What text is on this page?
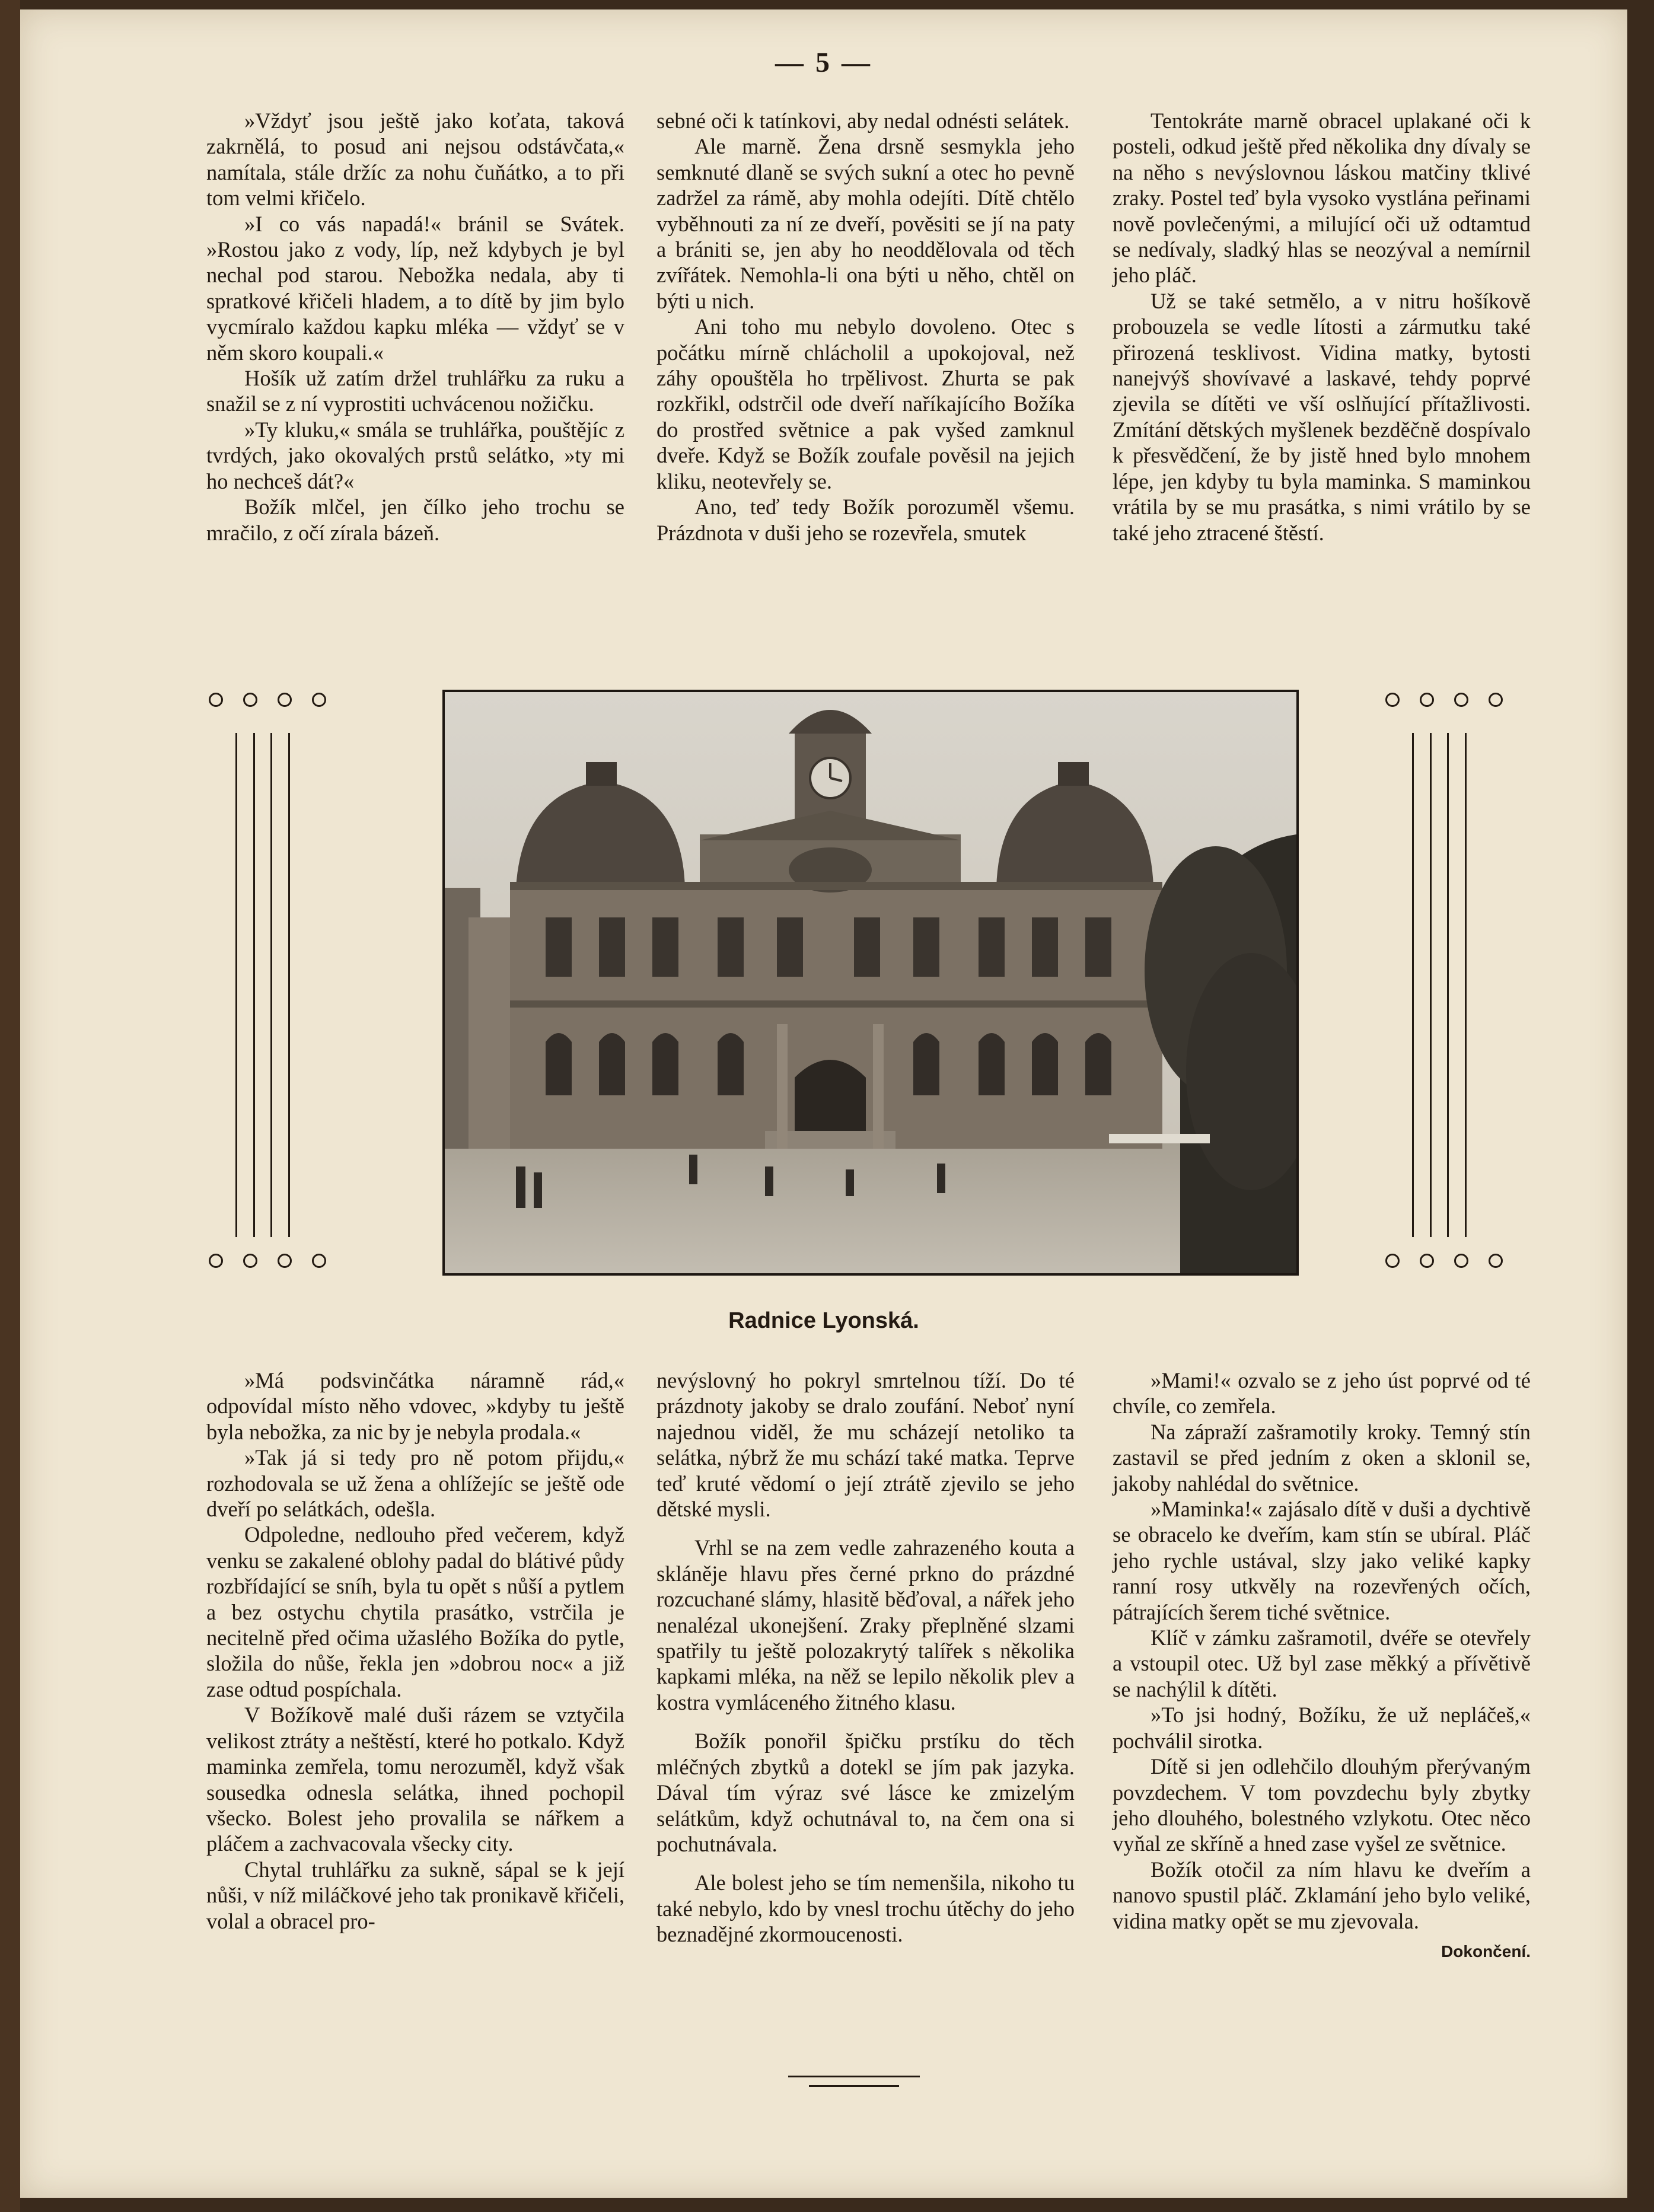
— 5 —

»Vždyť jsou ještě jako koťata, taková zakrnělá, to posud ani nejsou odstávčata,« namítala, stále držíc za nohu čuňátko, a to při tom velmi křičelo.

»I co vás napadá!« bránil se Svátek. »Rostou jako z vody, líp, než kdybych je byl nechal pod starou. Nebožka nedala, aby ti spratkové křičeli hladem, a to dítě by jim bylo vycmíralo každou kapku mléka — vždyť se v něm skoro koupali.«

Hošík už zatím držel truhlářku za ruku a snažil se z ní vyprostiti uchvácenou nožičku.

»Ty kluku,« smála se truhlářka, pouštějíc z tvrdých, jako okovalých prstů selátko, »ty mi ho nechceš dát?«

Božík mlčel, jen čílko jeho trochu se mračilo, z očí zírala bázeň.

sebné oči k tatínkovi, aby nedal odnésti selátek.

Ale marně. Žena drsně sesmykla jeho semknuté dlaně se svých sukní a otec ho pevně zadržel za rámě, aby mohla odejíti. Dítě chtělo vyběhnouti za ní ze dveří, pověsiti se jí na paty a brániti se, jen aby ho neoddělovala od těch zvířátek. Nemohla-li ona býti u něho, chtěl on býti u nich.

Ani toho mu nebylo dovoleno. Otec s počátku mírně chlácholil a upokojoval, než záhy opouštěla ho trpělivost. Zhurta se pak rozkřikl, odstrčil ode dveří naříkajícího Božíka do prostřed světnice a pak vyšed zamknul dveře. Když se Božík zoufale pověsil na jejich kliku, neotevřely se.

Ano, teď tedy Božík porozuměl všemu. Prázdnota v duši jeho se rozevřela, smutek

Tentokráte marně obracel uplakané oči k posteli, odkud ještě před několika dny dívaly se na něho s nevýslovnou láskou matčiny tklivé zraky. Postel teď byla vysoko vystlána peřinami nově povlečenými, a milující oči už odtamtud se nedívaly, sladký hlas se neozýval a nemírnil jeho pláč.

Už se také setmělo, a v nitru hošíkově probouzela se vedle lítosti a zármutku také přirozená tesklivost. Vidina matky, bytosti nanejvýš shovívavé a laskavé, tehdy poprvé zjevila se dítěti ve vší oslňující přítažlivosti. Zmítání dětských myšlenek bezděčně dospívalo k přesvědčení, že by jistě hned bylo mnohem lépe, jen kdyby tu byla maminka. S maminkou vrátila by se mu prasátka, s nimi vrátilo by se také jeho ztracené štěstí.

Radnice Lyonská.

»Má podsvinčátka náramně rád,« odpovídal místo něho vdovec, »kdyby tu ještě byla nebožka, za nic by je nebyla prodala.«

»Tak já si tedy pro ně potom přijdu,« rozhodovala se už žena a ohlížejíc se ještě ode dveří po selátkách, odešla.

Odpoledne, nedlouho před večerem, když venku se zakalené oblohy padal do blátivé půdy rozbřídající se sníh, byla tu opět s nůší a pytlem a bez ostychu chytila prasátko, vstrčila je necitelně před očima užaslého Božíka do pytle, složila do nůše, řekla jen »dobrou noc« a již zase odtud pospíchala.

V Božíkově malé duši rázem se vztyčila velikost ztráty a neštěstí, které ho potkalo. Když maminka zemřela, tomu nerozuměl, když však sousedka odnesla selátka, ihned pochopil všecko. Bolest jeho provalila se nářkem a pláčem a zachvacovala všecky city.

Chytal truhlářku za sukně, sápal se k její nůši, v níž miláčkové jeho tak pronikavě křičeli, volal a obracel pro-

nevýslovný ho pokryl smrtelnou tíží. Do té prázdnoty jakoby se dralo zoufání. Neboť nyní najednou viděl, že mu scházejí netoliko ta selátka, nýbrž že mu schází také matka. Teprve teď kruté vědomí o její ztrátě zjevilo se jeho dětské mysli.

Vrhl se na zem vedle zahrazeného kouta a skláněje hlavu přes černé prkno do prázdné rozcuchané slámy, hlasitě běďoval, a nářek jeho nenalézal ukonejšení. Zraky přeplněné slzami spatřily tu ještě polozakrytý talířek s několika kapkami mléka, na něž se lepilo několik plev a kostra vymláceného žitného klasu.

Božík ponořil špičku prstíku do těch mléčných zbytků a dotekl se jím pak jazyka. Dával tím výraz své lásce ke zmizelým selátkům, když ochutnával to, na čem ona si pochutnávala.

Ale bolest jeho se tím nemenšila, nikoho tu také nebylo, kdo by vnesl trochu útěchy do jeho beznadějné zkormoucenosti.

»Mami!« ozvalo se z jeho úst poprvé od té chvíle, co zemřela.

Na zápraží zašramotily kroky. Temný stín zastavil se před jedním z oken a sklonil se, jakoby nahlédal do světnice.

»Maminka!« zajásalo dítě v duši a dychtivě se obracelo ke dveřím, kam stín se ubíral. Pláč jeho rychle ustával, slzy jako veliké kapky ranní rosy utkvěly na rozevřených očích, pátrajících šerem tiché světnice.

Klíč v zámku zašramotil, dvéře se otevřely a vstoupil otec. Už byl zase měkký a přívětivě se nachýlil k dítěti.

»To jsi hodný, Božíku, že už nepláčeš,« pochválil sirotka.

Dítě si jen odlehčilo dlouhým přerývaným povzdechem. V tom povzdechu byly zbytky jeho dlouhého, bolestného vzlykotu. Otec něco vyňal ze skříně a hned zase vyšel ze světnice.

Božík otočil za ním hlavu ke dveřím a nanovo spustil pláč. Zklamání jeho bylo veliké, vidina matky opět se mu zjevovala.

Dokončení.
